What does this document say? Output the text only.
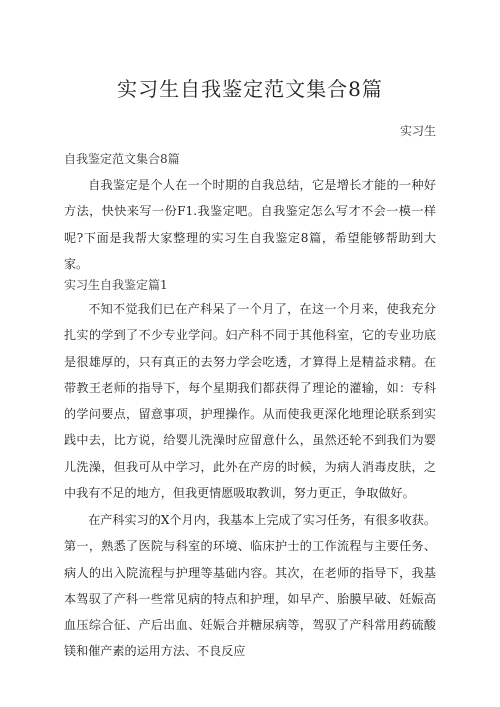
实习生自我鉴定范文集合8篇
实习生
自我鉴定范文集合8篇

自我鉴定是个人在一个时期的自我总结，它是增长才能的一种好方法，快快来写一份F1.我鉴定吧。自我鉴定怎么写才不会一模一样呢?下面是我帮大家整理的实习生自我鉴定8篇，希望能够帮助到大家。

实习生自我鉴定篇1

不知不觉我们已在产科呆了一个月了，在这一个月来，使我充分扎实的学到了不少专业学问。妇产科不同于其他科室，它的专业功底是很雄厚的，只有真正的去努力学会吃透，才算得上是精益求精。在带教王老师的指导下，每个星期我们都获得了理论的灌输，如：专科的学问要点，留意事项，护理操作。从而使我更深化地理论联系到实践中去，比方说，给婴儿洗澡时应留意什么，虽然还轮不到我们为婴儿洗澡，但我可从中学习，此外在产房的时候，为病人消毒皮肤，之中我有不足的地方，但我更情愿吸取教训，努力更正，争取做好。

在产科实习的X个月内，我基本上完成了实习任务，有很多收获。第一，熟悉了医院与科室的环境、临床护士的工作流程与主要任务、病人的出入院流程与护理等基础内容。其次，在老师的指导下，我基本驾驭了产科一些常见病的特点和护理，如早产、胎膜早破、妊娠高血压综合征、产后出血、妊娠合并糖尿病等，驾驭了产科常用药硫酸镁和催产素的运用方法、不良反应
